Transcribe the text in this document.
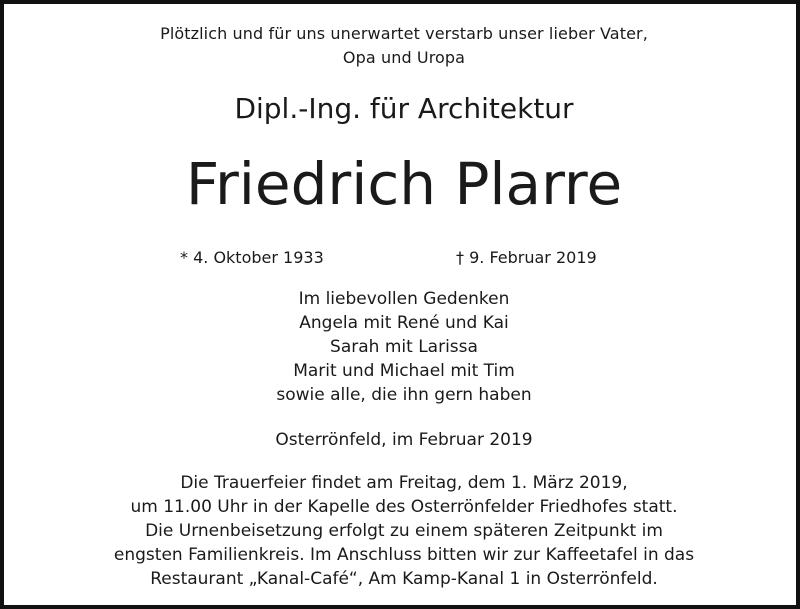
Plötzlich und für uns unerwartet verstarb unser lieber Vater,
Opa und Uropa
Dipl.-Ing. für Architektur
Friedrich Plarre
* 4. Oktober 1933	† 9. Februar 2019
Im liebevollen Gedenken
Angela mit René und Kai
Sarah mit Larissa
Marit und Michael mit Tim
sowie alle, die ihn gern haben
Osterrönfeld, im Februar 2019
Die Trauerfeier findet am Freitag, dem 1. März 2019,
um 11.00 Uhr in der Kapelle des Osterrönfelder Friedhofes statt.
Die Urnenbeisetzung erfolgt zu einem späteren Zeitpunkt im
engsten Familienkreis. Im Anschluss bitten wir zur Kaffeetafel in das
Restaurant „Kanal-Café“, Am Kamp-Kanal 1 in Osterrönfeld.
